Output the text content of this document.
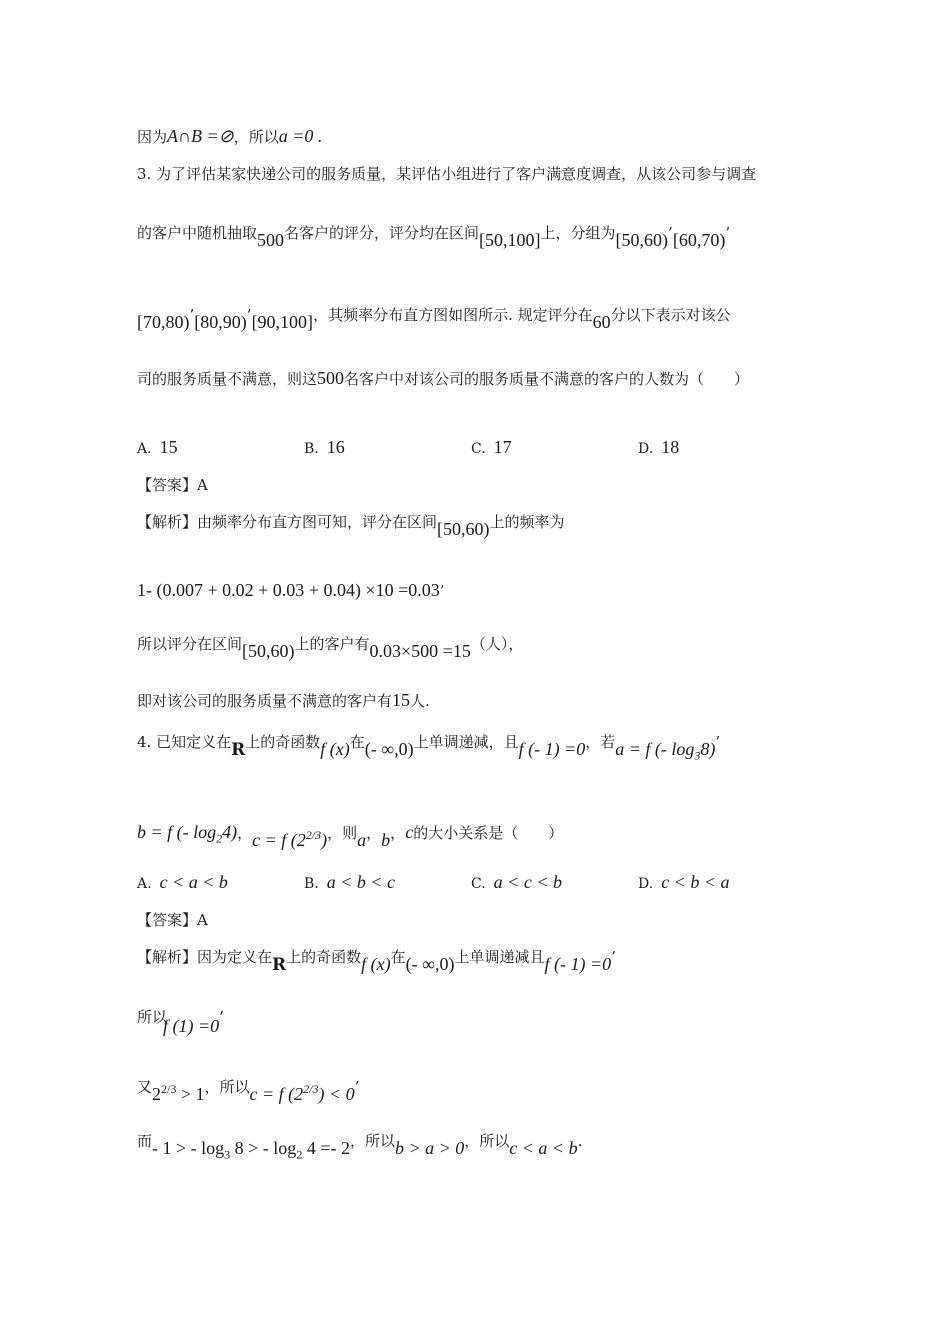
因为A∩B =⊘，所以a =0 .
3. 为了评估某家快递公司的服务质量，某评估小组进行了客户满意度调查，从该公司参与调查
的客户中随机抽取500名客户的评分，评分均在区间[50,100]上，分组为[50,60)’[60,70)’
[70,80)’[80,90)’[90,100]，其频率分布直方图如图所示. 规定评分在60分以下表示对该公
司的服务质量不满意，则这500名客户中对该公司的服务质量不满意的客户的人数为（　　）
A. 15	B. 16	C. 17	D. 18
【答案】A
【解析】由频率分布直方图可知，评分在区间[50,60)上的频率为
1- (0.007 + 0.02 + 0.03 + 0.04) ×10 =0.03’
所以评分在区间[50,60)上的客户有0.03×500 =15（人），
即对该公司的服务质量不满意的客户有15人.
4. 已知定义在R上的奇函数f (x)在(- ∞,0)上单调递减，且f (- 1) =0，若a = f (- $\log_38$)’
b = f (- $\log_24$)，c = f $(2^{2/3})$，则a，b，c的大小关系是（　　）
A. c < a < b	B. a < b < c	C. a < c < b	D. c < b < a
【答案】A
【解析】因为定义在R上的奇函数f (x)在(- ∞,0)上单调递减且f (- 1) =0’
所以f (1) =0’
又$2^{2/3} > 1$，所以c = f $(2^{2/3}) < 0$’
而- 1 > - $\log_3 8$ > - $\log_2 4 =- 2$，所以b > a > 0，所以c < a < b.
